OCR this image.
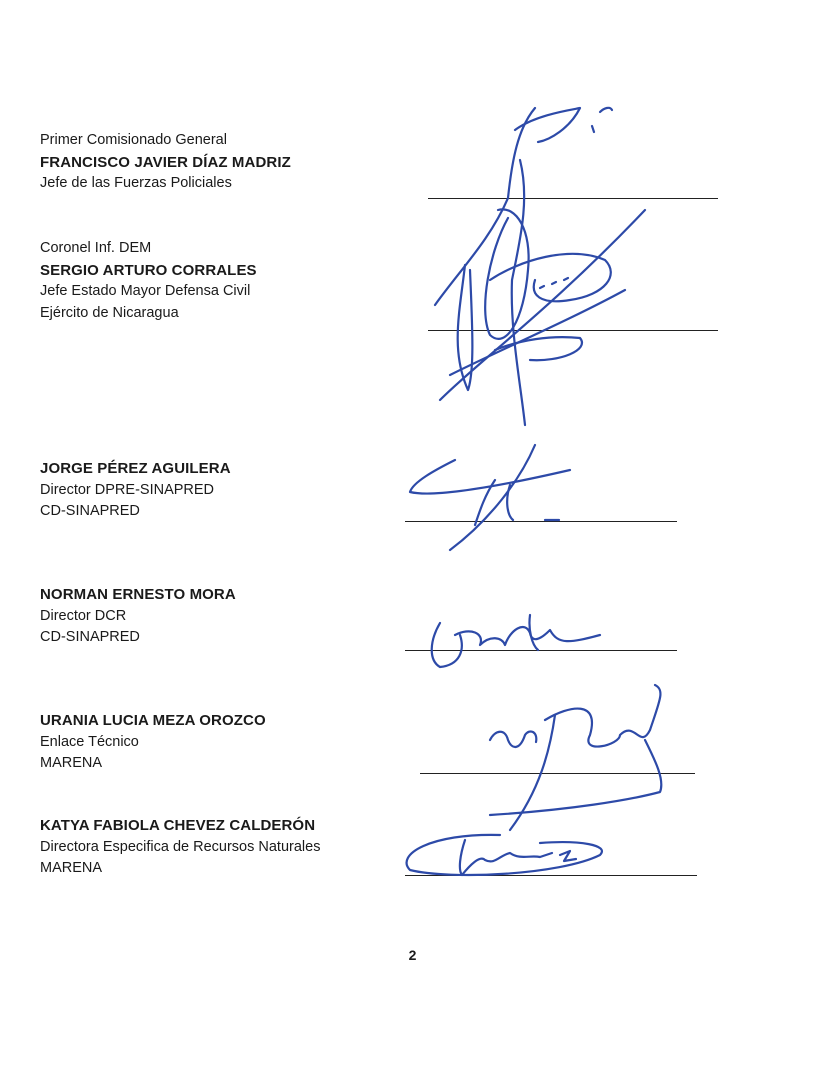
Primer Comisionado General
FRANCISCO JAVIER DÍAZ MADRIZ
Jefe de las Fuerzas Policiales
Coronel Inf. DEM
SERGIO ARTURO CORRALES
Jefe Estado Mayor Defensa Civil
Ejército de Nicaragua
JORGE PÉREZ AGUILERA
Director DPRE-SINAPRED
CD-SINAPRED
NORMAN ERNESTO MORA
Director DCR
CD-SINAPRED
URANIA LUCIA MEZA OROZCO
Enlace Técnico
MARENA
KATYA FABIOLA CHEVEZ CALDERÓN
Directora Especifica de Recursos Naturales
MARENA
2
